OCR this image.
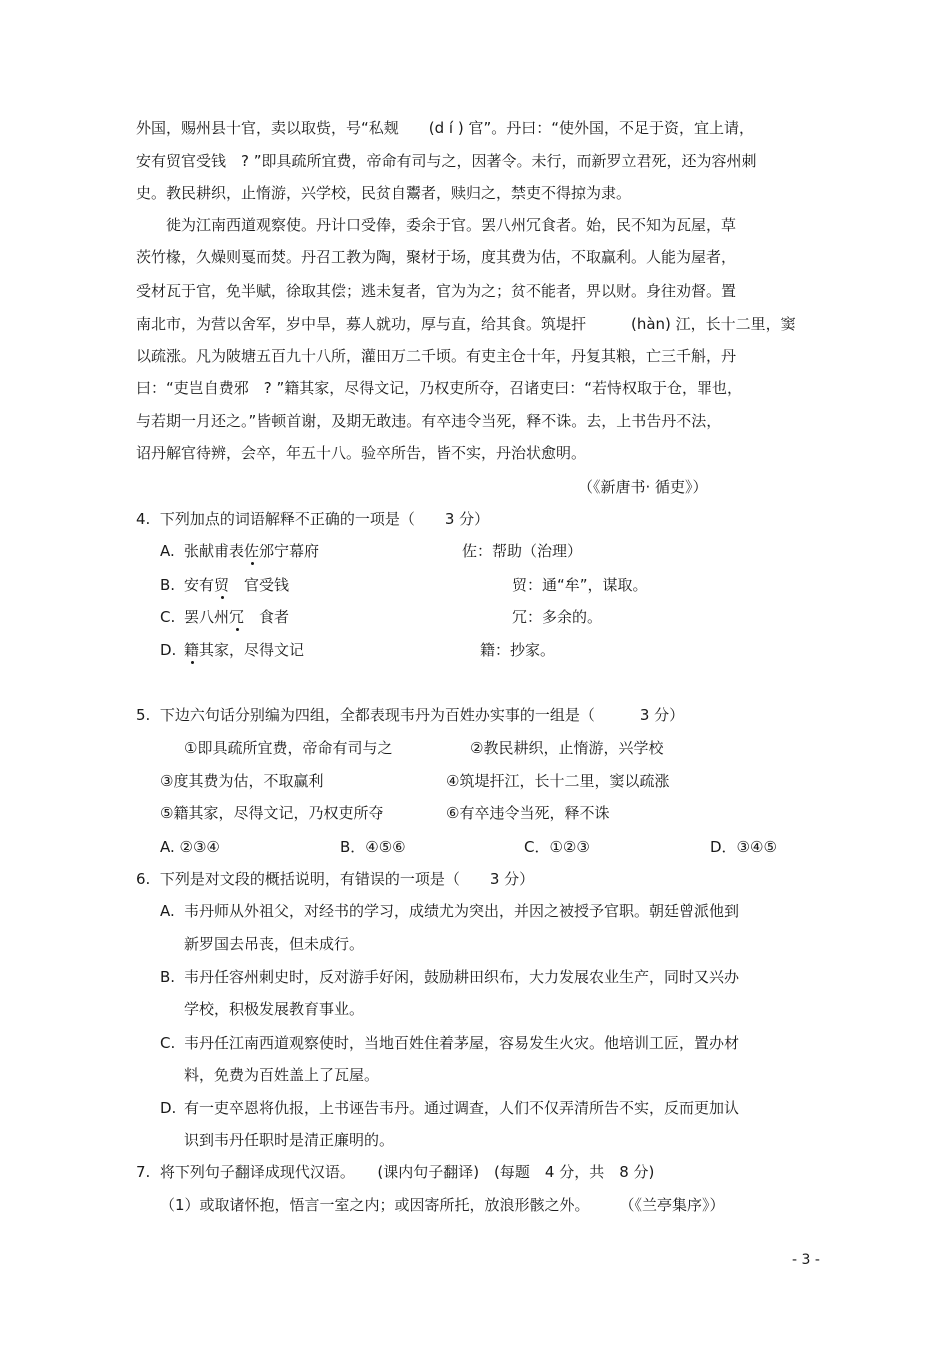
外国，赐州县十官，卖以取赀，号“私觌　　(d í ) 官”。丹曰：“使外国，不足于资，宜上请，
安有贸官受钱　? ”即具疏所宜费，帝命有司与之，因著令。未行，而新罗立君死，还为容州刺
史。教民耕织，止惰游，兴学校，民贫自鬻者，赎归之，禁吏不得掠为隶。
　　徙为江南西道观察使。丹计口受俸，委余于官。罢八州冗食者。始，民不知为瓦屋，草
茨竹椽，久燥则戛而焚。丹召工教为陶，聚材于场，度其费为估，不取赢利。人能为屋者，
受材瓦于官，免半赋，徐取其偿；逃未复者，官为为之；贫不能者，畀以财。身往劝督。置
南北市，为营以舍军，岁中旱，募人就功，厚与直，给其食。筑堤扞　　　(hàn) 江，长十二里，窦
以疏涨。凡为陂塘五百九十八所，灌田万二千顷。有吏主仓十年，丹复其粮，亡三千斛，丹
曰：“吏岂自费邪　? ”籍其家，尽得文记，乃权吏所夺，召诸吏曰：“若恃权取于仓，罪也，
与若期一月还之。”皆顿首谢，及期无敢违。有卒违令当死，释不诛。去，上书告丹不法，
诏丹解官待辨，会卒，年五十八。验卒所告，皆不实，丹治状愈明。
（《新唐书· 循吏》）
4.  下列加点的词语解释不正确的一项是（　　3 分）
A. 张献甫表佐邠宁幕府	佐：帮助（治理）
B. 安有贸　官受钱	贸：通“牟”，谋取。
C. 罢八州冗　食者	冗：多余的。
D. 籍其家，尽得文记	籍：抄家。
5.  下边六句话分别编为四组，全都表现韦丹为百姓办实事的一组是（　　　3 分）
①即具疏所宜费，帝命有司与之	②教民耕织，止惰游，兴学校
③度其费为估，不取赢利	④筑堤扞江，长十二里，窦以疏涨
⑤籍其家，尽得文记，乃权吏所夺	⑥有卒违令当死，释不诛
A. ②③④	B．④⑤⑥	C．①②③	D．③④⑤
6.  下列是对文段的概括说明，有错误的一项是（　　3 分）
A. 韦丹师从外祖父，对经书的学习，成绩尤为突出，并因之被授予官职。朝廷曾派他到
新罗国去吊丧，但未成行。
B. 韦丹任容州刺史时，反对游手好闲，鼓励耕田织布，大力发展农业生产，同时又兴办
学校，积极发展教育事业。
C. 韦丹任江南西道观察使时，当地百姓住着茅屋，容易发生火灾。他培训工匠，置办材
料，免费为百姓盖上了瓦屋。
D. 有一吏卒恩将仇报，上书诬告韦丹。通过调查，人们不仅弄清所告不实，反而更加认
识到韦丹任职时是清正廉明的。
7.  将下列句子翻译成现代汉语。　　(课内句子翻译)　(每题　4 分，共　8 分)
（1）或取诸怀抱，悟言一室之内；或因寄所托，放浪形骸之外。　　　（《兰亭集序》）
- 3 -
